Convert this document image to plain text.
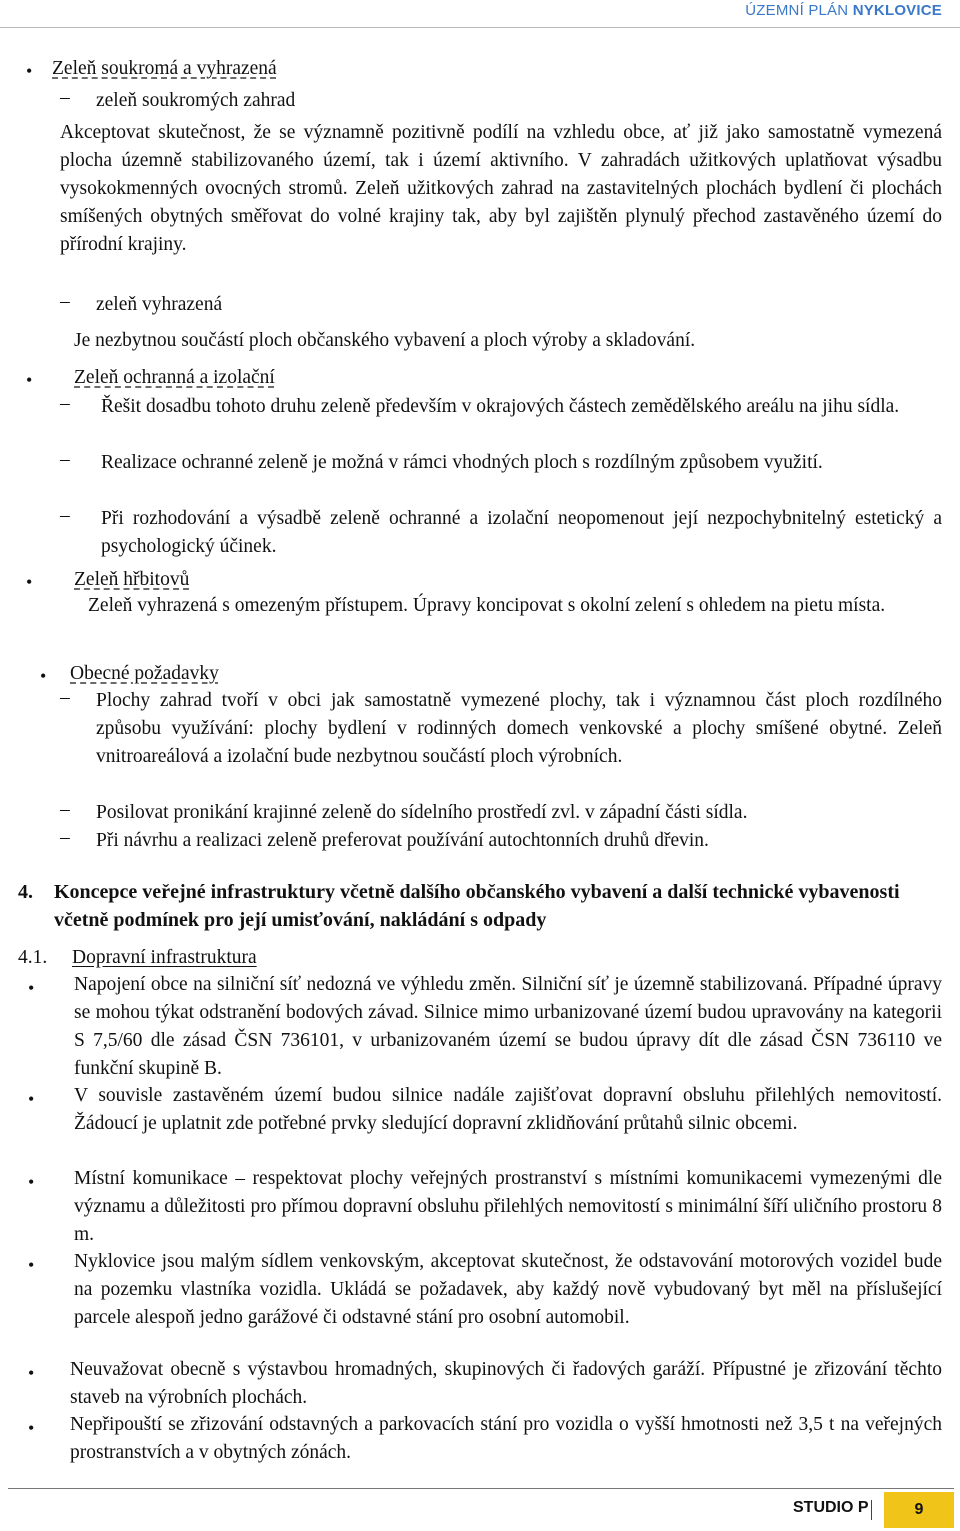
ÚZEMNÍ PLÁN NYKLOVICE
• Zeleň soukromá a vyhrazená
– zeleň soukromých zahrad
Akceptovat skutečnost, že se významně pozitivně podílí na vzhledu obce, ať již jako samostatně vymezená plocha územně stabilizovaného území, tak i území aktivního. V zahradách užitkových uplatňovat výsadbu vysokokmenných ovocných stromů. Zeleň užitkových zahrad na zastavitelných plochách bydlení či plochách smíšených obytných směřovat do volné krajiny tak, aby byl zajištěn plynulý přechod zastavěného území do přírodní krajiny.
– zeleň vyhrazená
Je nezbytnou součástí ploch občanského vybavení a ploch výroby a skladování.
• Zeleň ochranná a izolační
– Řešit dosadbu tohoto druhu zeleně především v okrajových částech zemědělského areálu na jihu sídla.
– Realizace ochranné zeleně je možná v rámci vhodných ploch s rozdílným způsobem využití.
– Při rozhodování a výsadbě zeleně ochranné a izolační neopomenout její nezpochybnitelný estetický a psychologický účinek.
• Zeleň hřbitovů
Zeleň vyhrazená s omezeným přístupem. Úpravy koncipovat s okolní zelení s ohledem na pietu místa.
• Obecné požadavky
– Plochy zahrad tvoří v obci jak samostatně vymezené plochy, tak i významnou část ploch rozdílného způsobu využívání: plochy bydlení v rodinných domech venkovské a plochy smíšené obytné. Zeleň vnitroareálová a izolační bude nezbytnou součástí ploch výrobních.
– Posilovat pronikání krajinné zeleně do sídelního prostředí zvl. v západní části sídla.
– Při návrhu a realizaci zeleně preferovat používání autochtonních druhů dřevin.
4. Koncepce veřejné infrastruktury včetně dalšího občanského vybavení a další technické vybavenosti včetně podmínek pro její umisťování, nakládání s odpady
4.1. Dopravní infrastruktura
• Napojení obce na silniční síť nedozná ve výhledu změn. Silniční síť je územně stabilizovaná. Případné úpravy se mohou týkat odstranění bodových závad. Silnice mimo urbanizované území budou upravovány na kategorii S 7,5/60 dle zásad ČSN 736101, v urbanizovaném území se budou úpravy dít dle zásad ČSN 736110 ve funkční skupině B.
• V souvisle zastavěném území budou silnice nadále zajišťovat dopravní obsluhu přilehlých nemovitostí. Žádoucí je uplatnit zde potřebné prvky sledující dopravní zklidňování průtahů silnic obcemi.
• Místní komunikace – respektovat plochy veřejných prostranství s místními komunikacemi vymezenými dle významu a důležitosti pro přímou dopravní obsluhu přilehlých nemovitostí s minimální šíří uličního prostoru 8 m.
• Nyklovice jsou malým sídlem venkovským, akceptovat skutečnost, že odstavování motorových vozidel bude na pozemku vlastníka vozidla. Ukládá se požadavek, aby každý nově vybudovaný byt měl na příslušející parcele alespoň jedno garážové či odstavné stání pro osobní automobil.
• Neuvažovat obecně s výstavbou hromadných, skupinových či řadových garáží. Přípustné je zřizování těchto staveb na výrobních plochách.
• Nepřipouští se zřizování odstavných a parkovacích stání pro vozidla o vyšší hmotnosti než 3,5 t na veřejných prostranstvích a v obytných zónách.
STUDIO P	9
